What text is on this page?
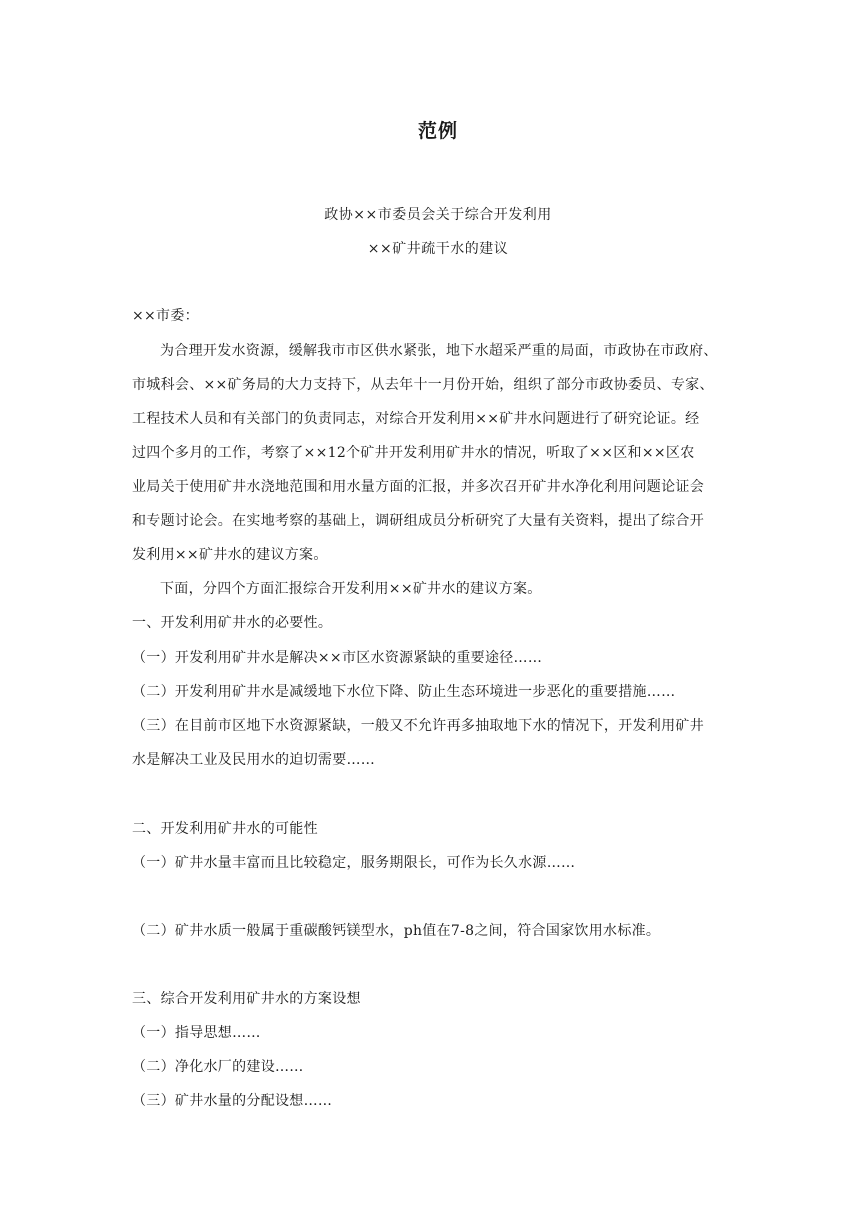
范例
政协××市委员会关于综合开发利用
××矿井疏干水的建议
××市委：
为合理开发水资源，缓解我市市区供水紧张，地下水超采严重的局面，市政协在市政府、
市城科会、××矿务局的大力支持下，从去年十一月份开始，组织了部分市政协委员、专家、
工程技术人员和有关部门的负责同志，对综合开发利用××矿井水问题进行了研究论证。经
过四个多月的工作，考察了××12个矿井开发利用矿井水的情况，听取了××区和××区农
业局关于使用矿井水浇地范围和用水量方面的汇报，并多次召开矿井水净化利用问题论证会
和专题讨论会。在实地考察的基础上，调研组成员分析研究了大量有关资料，提出了综合开
发利用××矿井水的建议方案。
下面，分四个方面汇报综合开发利用××矿井水的建议方案。
一、开发利用矿井水的必要性。
（一）开发利用矿井水是解决××市区水资源紧缺的重要途径……
（二）开发利用矿井水是减缓地下水位下降、防止生态环境进一步恶化的重要措施……
（三）在目前市区地下水资源紧缺，一般又不允许再多抽取地下水的情况下，开发利用矿井
水是解决工业及民用水的迫切需要……
二、开发利用矿井水的可能性
（一）矿井水量丰富而且比较稳定，服务期限长，可作为长久水源……
（二）矿井水质一般属于重碳酸钙镁型水，ph值在7-8之间，符合国家饮用水标准。
三、综合开发利用矿井水的方案设想
（一）指导思想……
（二）净化水厂的建设……
（三）矿井水量的分配设想……
